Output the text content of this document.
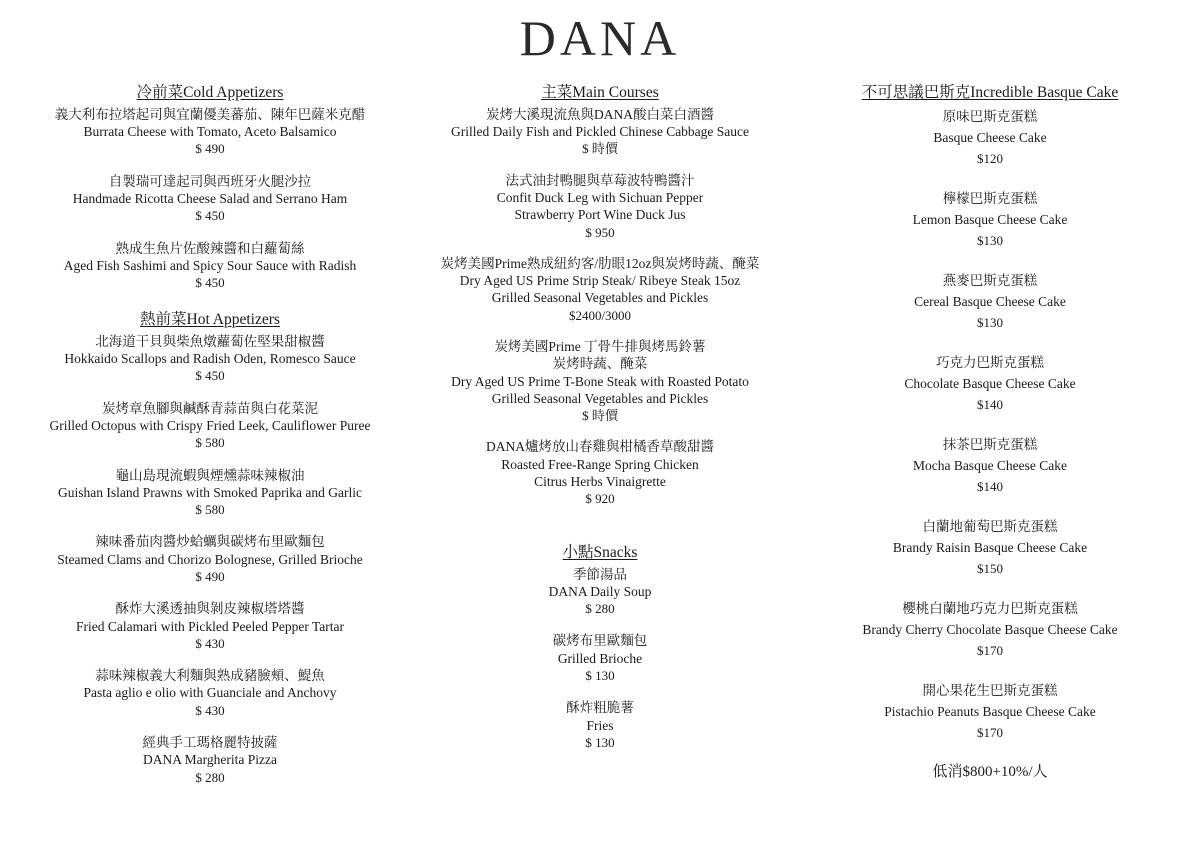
DANA
冷前菜Cold Appetizers
義大利布拉塔起司與宜蘭優美蕃茄、陳年巴薩米克醋
Burrata Cheese with Tomato, Aceto Balsamico
$ 490
自製瑞可達起司與西班牙火腿沙拉
Handmade Ricotta Cheese Salad and Serrano Ham
$ 450
熟成生魚片佐酸辣醬和白蘿蔔絲
Aged Fish Sashimi and Spicy Sour Sauce with Radish
$ 450
熱前菜Hot Appetizers
北海道干貝與柴魚燉蘿蔔佐堅果甜椒醬
Hokkaido Scallops and Radish Oden, Romesco Sauce
$ 450
炭烤章魚腳與鹹酥青蒜苗與白花菜泥
Grilled Octopus with Crispy Fried Leek, Cauliflower Puree
$ 580
龜山島現流蝦與煙燻蒜味辣椒油
Guishan Island Prawns with Smoked Paprika and Garlic
$ 580
辣味番茄肉醬炒蛤蠣與碳烤布里歐麵包
Steamed Clams and Chorizo Bolognese, Grilled Brioche
$ 490
酥炸大溪透抽與剝皮辣椒塔塔醬
Fried Calamari with Pickled Peeled Pepper Tartar
$ 430
蒜味辣椒義大利麵與熟成豬臉頰、鯷魚
Pasta aglio e olio with Guanciale and Anchovy
$ 430
經典手工瑪格麗特披薩
DANA Margherita Pizza
$ 280
主菜Main Courses
炭烤大溪現流魚與DANA酸白菜白酒醬
Grilled Daily Fish and Pickled Chinese Cabbage Sauce
$ 時價
法式油封鴨腿與草莓波特鴨醬汁
Confit Duck Leg with Sichuan Pepper
Strawberry Port Wine Duck Jus
$ 950
炭烤美國Prime熟成紐約客/肋眼12oz與炭烤時蔬、醃菜
Dry Aged US Prime Strip Steak/ Ribeye Steak 15oz
Grilled Seasonal Vegetables and Pickles
$2400/3000
炭烤美國Prime 丁骨牛排與烤馬鈴薯
炭烤時蔬、醃菜
Dry Aged US Prime T-Bone Steak with Roasted Potato
Grilled Seasonal Vegetables and Pickles
$ 時價
DANA爐烤放山春雞與柑橘香草酸甜醬
Roasted Free-Range Spring Chicken
Citrus Herbs Vinaigrette
$ 920
小點Snacks
季節湯品
DANA Daily Soup
$ 280
碳烤布里歐麵包
Grilled Brioche
$ 130
酥炸粗脆薯
Fries
$ 130
不可思議巴斯克Incredible Basque Cake
原味巴斯克蛋糕
Basque Cheese Cake
$120
檸檬巴斯克蛋糕
Lemon Basque Cheese Cake
$130
燕麥巴斯克蛋糕
Cereal Basque Cheese Cake
$130
巧克力巴斯克蛋糕
Chocolate Basque Cheese Cake
$140
抹茶巴斯克蛋糕
Mocha Basque Cheese Cake
$140
白蘭地葡萄巴斯克蛋糕
Brandy Raisin Basque Cheese Cake
$150
櫻桃白蘭地巧克力巴斯克蛋糕
Brandy Cherry Chocolate Basque Cheese Cake
$170
開心果花生巴斯克蛋糕
Pistachio Peanuts Basque Cheese Cake
$170
低消$800+10%/人
